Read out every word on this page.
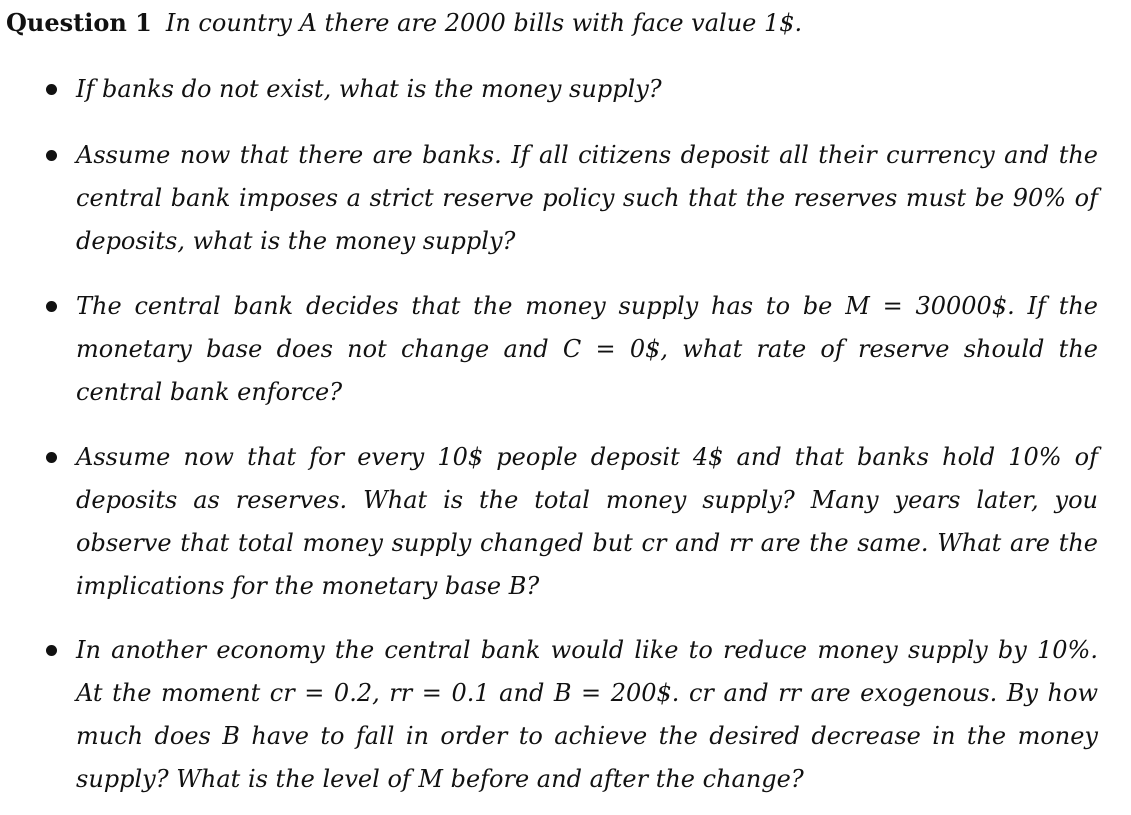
Question 1 In country A there are 2000 bills with face value 1$.
If banks do not exist, what is the money supply?
Assume now that there are banks. If all citizens deposit all their currency and the central bank imposes a strict reserve policy such that the reserves must be 90% of deposits, what is the money supply?
The central bank decides that the money supply has to be M = 30000$. If the monetary base does not change and C = 0$, what rate of reserve should the central bank enforce?
Assume now that for every 10$ people deposit 4$ and that banks hold 10% of deposits as reserves. What is the total money supply? Many years later, you observe that total money supply changed but cr and rr are the same. What are the implications for the monetary base B?
In another economy the central bank would like to reduce money supply by 10%. At the moment cr = 0.2, rr = 0.1 and B = 200$. cr and rr are exogenous. By how much does B have to fall in order to achieve the desired decrease in the money supply? What is the level of M before and after the change?
